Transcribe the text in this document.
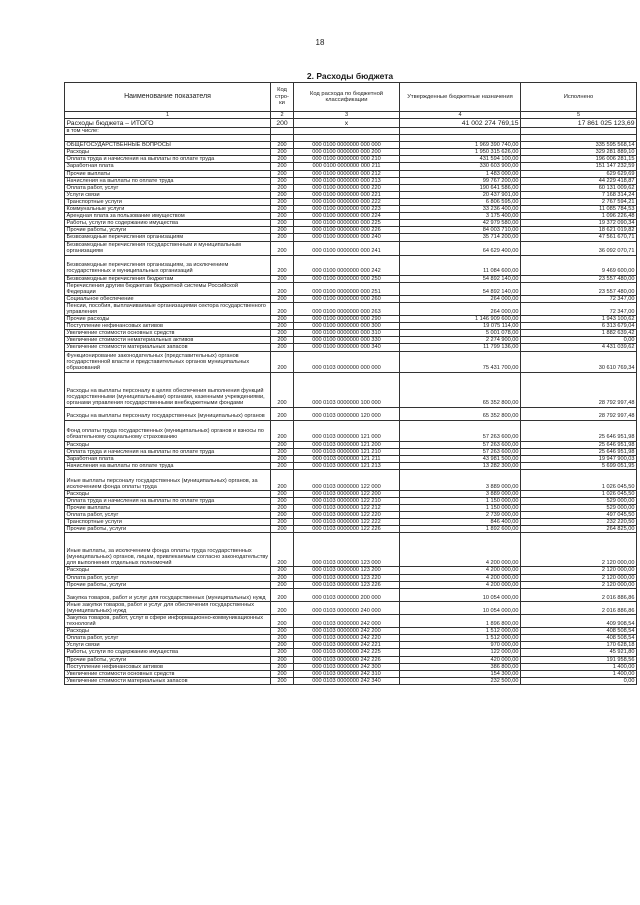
18
2. Расходы бюджета
Наименование показателя	Код стро-ки	Код расхода по бюджетной классификации	Утвержденные бюджетные назначения	Исполнено
1	2	3	4	5
Расходы бюджета – ИТОГО	200	x	41 002 274 769,15	17 861 025 123,69
в том числе:				

ОБЩЕГОСУДАРСТВЕННЫЕ ВОПРОСЫ	200	000 0100 0000000 000 000	1 969 390 740,00	335 595 568,14
Расходы	200	000 0100 0000000 000 200	1 950 315 626,00	329 281 889,10
Оплата труда и начисления на выплаты по оплате труда	200	000 0100 0000000 000 210	431 594 100,00	196 006 281,15
Заработная плата	200	000 0100 0000000 000 211	330 603 900,00	151 147 232,59
Прочие выплаты	200	000 0100 0000000 000 212	1 483 000,00	629 629,69
Начисления на выплаты по оплате труда	200	000 0100 0000000 000 213	99 767 200,00	44 229 418,87
Оплата работ, услуг	200	000 0100 0000000 000 220	190 641 586,00	60 131 009,62
Услуги связи	200	000 0100 0000000 000 221	20 437 901,00	7 168 314,24
Транспортные услуги	200	000 0100 0000000 000 222	6 806 595,00	2 767 594,21
Коммунальные услуги	200	000 0100 0000000 000 223	33 236 400,00	11 085 784,53
Арендная плата за пользование имуществом	200	000 0100 0000000 000 224	3 175 400,00	1 096 226,48
Работы, услуги по содержанию имущества	200	000 0100 0000000 000 225	42 979 580,00	19 372 090,34
Прочие работы, услуги	200	000 0100 0000000 000 226	84 003 710,00	18 621 019,82
Безвозмездные перечисления организациям	200	000 0100 0000000 000 240	35 714 200,00	47 561 670,71
Безвозмездные перечисления государственным и муниципальным организациям	200	000 0100 0000000 000 241	64 629 400,00	36 092 070,71
Безвозмездные перечисления организациям, за исключением государственных и муниципальных организаций	200	000 0100 0000000 000 242	11 084 600,00	9 469 600,00
Безвозмездные перечисления бюджетам	200	000 0100 0000000 000 250	54 892 140,00	23 557 480,00
Перечисления другим бюджетам бюджетной системы Российской Федерации	200	000 0100 0000000 000 251	54 892 140,00	23 557 480,00
Социальное обеспечение	200	000 0100 0000000 000 260	264 000,00	72 347,00
Пенсии, пособия, выплачиваемые организациями сектора государственного управления	200	000 0100 0000000 000 263	264 000,00	72 347,00
Прочие расходы	200	000 0100 0000000 000 290	1 146 909 600,00	1 943 100,62
Поступление нефинансовых активов	200	000 0100 0000000 000 300	19 075 114,00	6 313 679,04
Увеличение стоимости основных средств	200	000 0100 0000000 000 310	5 001 078,00	1 882 639,42
Увеличение стоимости нематериальных активов	200	000 0100 0000000 000 330	2 274 900,00	0,00
Увеличение стоимости материальных запасов	200	000 0100 0000000 000 340	11 799 136,00	4 431 039,62
Функционирование законодательных (представительных) органов государственной власти и представительных органов муниципальных образований	200	000 0103 0000000 000 000	75 431 700,00	30 610 769,34
Расходы на выплаты персоналу в целях обеспечения выполнения функций государственными (муниципальными) органами, казенными учреждениями, органами управления государственными внебюджетными фондами	200	000 0103 0000000 100 000	65 352 800,00	28 792 997,48
Расходы на выплаты персоналу государственных (муниципальных) органов	200	000 0103 0000000 120 000	65 352 800,00	28 792 997,48
Фонд оплаты труда государственных (муниципальных) органов и взносы по обязательному социальному страхованию	200	000 0103 0000000 121 000	57 263 600,00	25 646 951,98
Расходы	200	000 0103 0000000 121 200	57 263 600,00	25 646 951,98
Оплата труда и начисления на выплаты по оплате труда	200	000 0103 0000000 121 210	57 263 600,00	25 646 951,98
Заработная плата	200	000 0103 0000000 121 211	43 981 500,00	19 947 900,03
Начисления на выплаты по оплате труда	200	000 0103 0000000 121 213	13 282 300,00	5 699 051,95
Иные выплаты персоналу государственных (муниципальных) органов, за исключением фонда оплаты труда	200	000 0103 0000000 122 000	3 889 000,00	1 026 045,50
Расходы	200	000 0103 0000000 122 200	3 889 000,00	1 026 045,50
Оплата труда и начисления на выплаты по оплате труда	200	000 0103 0000000 122 210	1 150 000,00	529 000,00
Прочие выплаты	200	000 0103 0000000 122 212	1 150 000,00	529 000,00
Оплата работ, услуг	200	000 0103 0000000 122 220	2 739 000,00	497 045,50
Транспортные услуги	200	000 0103 0000000 122 222	846 400,00	232 220,50
Прочие работы, услуги	200	000 0103 0000000 122 226	1 892 600,00	264 825,00
Иные выплаты, за исключением фонда оплаты труда государственных (муниципальных) органов, лицам, привлекаемым согласно законодательству для выполнения отдельных полномочий	200	000 0103 0000000 123 000	4 200 000,00	2 120 000,00
Расходы	200	000 0103 0000000 123 200	4 200 000,00	2 120 000,00
Оплата работ, услуг	200	000 0103 0000000 123 220	4 200 000,00	2 120 000,00
Прочие работы, услуги	200	000 0103 0000000 123 226	4 200 000,00	2 120 000,00
Закупка товаров, работ и услуг для государственных (муниципальных) нужд	200	000 0103 0000000 200 000	10 054 000,00	2 016 886,86
Иные закупки товаров, работ и услуг для обеспечения государственных (муниципальных) нужд	200	000 0103 0000000 240 000	10 054 000,00	2 016 886,86
Закупка товаров, работ, услуг в сфере информационно-коммуникационных технологий	200	000 0103 0000000 242 000	1 896 800,00	409 908,54
Расходы	200	000 0103 0000000 242 200	1 512 000,00	408 508,54
Оплата работ, услуг	200	000 0103 0000000 242 220	1 512 000,00	408 508,54
Услуги связи	200	000 0103 0000000 242 221	970 000,00	170 628,18
Работы, услуги по содержанию имущества	200	000 0103 0000000 242 225	122 000,00	45 921,80
Прочие работы, услуги	200	000 0103 0000000 242 226	420 000,00	191 958,56
Поступление нефинансовых активов	200	000 0103 0000000 242 300	386 800,00	1 400,00
Увеличение стоимости основных средств	200	000 0103 0000000 242 310	154 300,00	1 400,00
Увеличение стоимости материальных запасов	200	000 0103 0000000 242 340	232 500,00	0,00
